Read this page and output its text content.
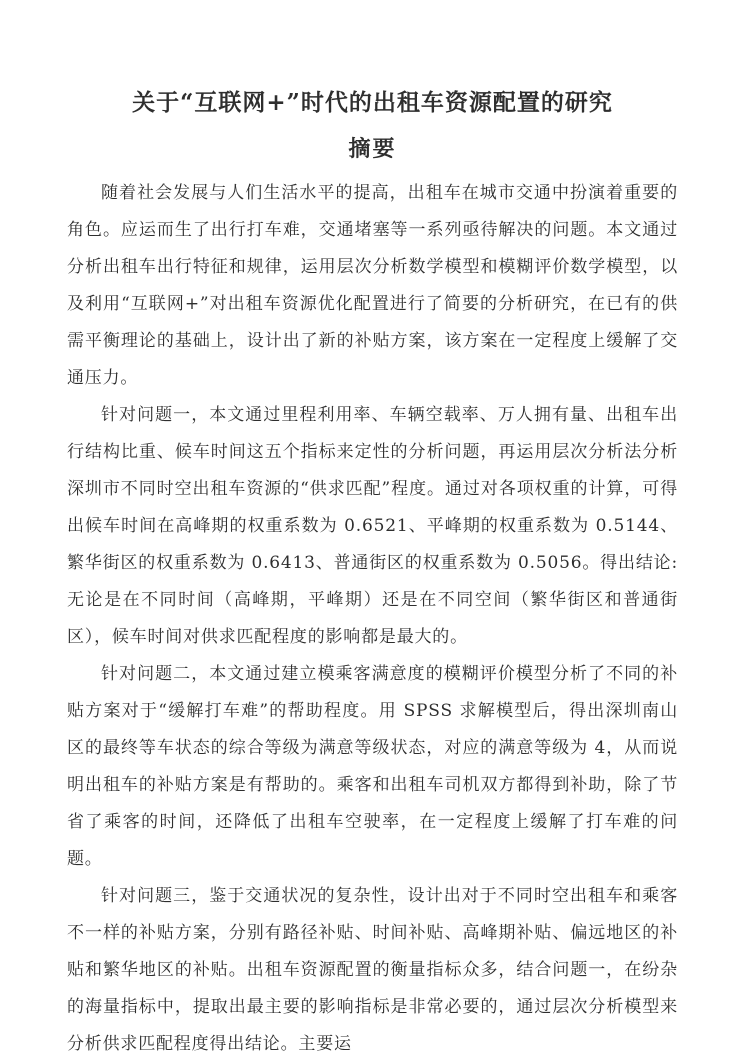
关于“互联网+”时代的出租车资源配置的研究
摘要

随着社会发展与人们生活水平的提高，出租车在城市交通中扮演着重要的角色。应运而生了出行打车难，交通堵塞等一系列亟待解决的问题。本文通过分析出租车出行特征和规律，运用层次分析数学模型和模糊评价数学模型，以及利用“互联网+”对出租车资源优化配置进行了简要的分析研究，在已有的供需平衡理论的基础上，设计出了新的补贴方案，该方案在一定程度上缓解了交通压力。

针对问题一，本文通过里程利用率、车辆空载率、万人拥有量、出租车出行结构比重、候车时间这五个指标来定性的分析问题，再运用层次分析法分析深圳市不同时空出租车资源的“供求匹配”程度。通过对各项权重的计算，可得出候车时间在高峰期的权重系数为 0.6521、平峰期的权重系数为 0.5144、繁华街区的权重系数为 0.6413、普通街区的权重系数为 0.5056。得出结论:无论是在不同时间（高峰期，平峰期）还是在不同空间（繁华街区和普通街区），候车时间对供求匹配程度的影响都是最大的。

针对问题二，本文通过建立模乘客满意度的模糊评价模型分析了不同的补贴方案对于“缓解打车难”的帮助程度。用 SPSS 求解模型后，得出深圳南山区的最终等车状态的综合等级为满意等级状态，对应的满意等级为 4，从而说明出租车的补贴方案是有帮助的。乘客和出租车司机双方都得到补助，除了节省了乘客的时间，还降低了出租车空驶率，在一定程度上缓解了打车难的问题。

针对问题三，鉴于交通状况的复杂性，设计出对于不同时空出租车和乘客不一样的补贴方案，分别有路径补贴、时间补贴、高峰期补贴、偏远地区的补贴和繁华地区的补贴。出租车资源配置的衡量指标众多，结合问题一，在纷杂的海量指标中，提取出最主要的影响指标是非常必要的，通过层次分析模型来分析供求匹配程度得出结论。主要运
